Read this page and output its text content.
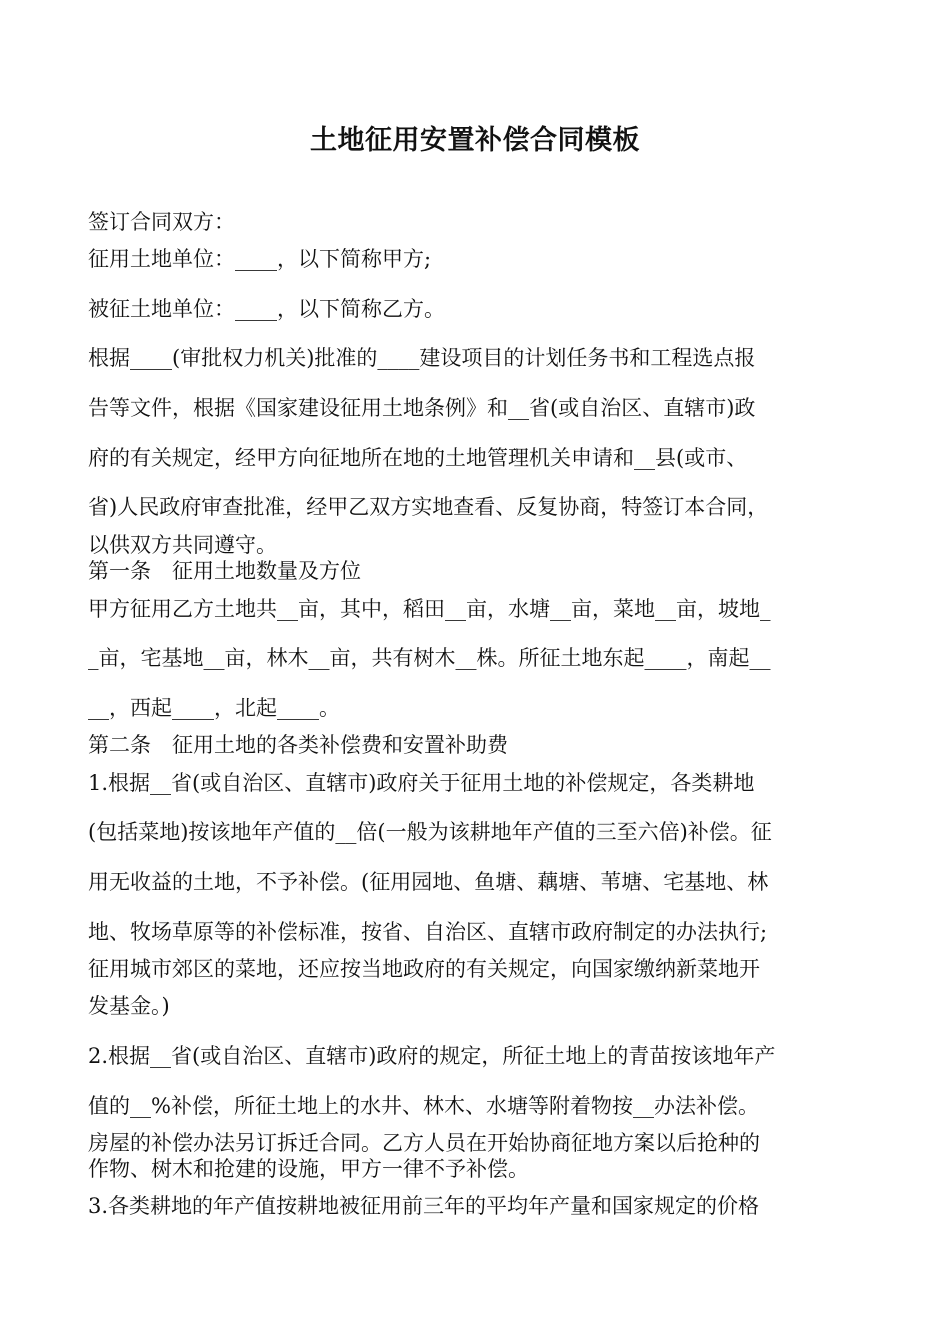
土地征用安置补偿合同模板
签订合同双方：
征用土地单位：____，以下简称甲方;
被征土地单位：____，以下简称乙方。
根据____(审批权力机关)批准的____建设项目的计划任务书和工程选点报
告等文件，根据《国家建设征用土地条例》和__省(或自治区、直辖市)政
府的有关规定，经甲方向征地所在地的土地管理机关申请和__县(或市、
省)人民政府审查批准，经甲乙双方实地查看、反复协商，特签订本合同，
以供双方共同遵守。
第一条　征用土地数量及方位
甲方征用乙方土地共__亩，其中，稻田__亩，水塘__亩，菜地__亩，坡地_
_亩，宅基地__亩，林木__亩，共有树木__株。所征土地东起____，南起__
__，西起____，北起____。
第二条　征用土地的各类补偿费和安置补助费
1.根据__省(或自治区、直辖市)政府关于征用土地的补偿规定，各类耕地
(包括菜地)按该地年产值的__倍(一般为该耕地年产值的三至六倍)补偿。征
用无收益的土地，不予补偿。(征用园地、鱼塘、藕塘、苇塘、宅基地、林
地、牧场草原等的补偿标准，按省、自治区、直辖市政府制定的办法执行;
征用城市郊区的菜地，还应按当地政府的有关规定，向国家缴纳新菜地开
发基金。)
2.根据__省(或自治区、直辖市)政府的规定，所征土地上的青苗按该地年产
值的__%补偿，所征土地上的水井、林木、水塘等附着物按__办法补偿。
房屋的补偿办法另订拆迁合同。乙方人员在开始协商征地方案以后抢种的
作物、树木和抢建的设施，甲方一律不予补偿。
3.各类耕地的年产值按耕地被征用前三年的平均年产量和国家规定的价格
